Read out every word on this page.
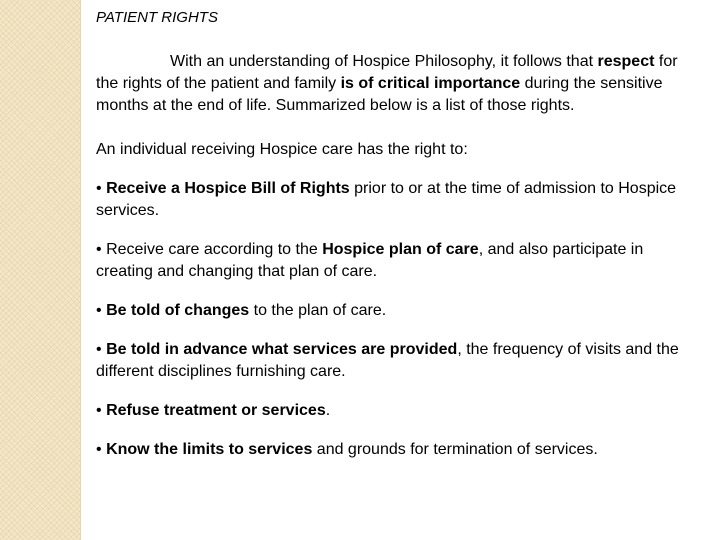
PATIENT RIGHTS

With an understanding of Hospice Philosophy, it follows that respect for the rights of the patient and family is of critical importance during the sensitive months at the end of life. Summarized below is a list of those rights.

An individual receiving Hospice care has the right to:

• Receive a Hospice Bill of Rights prior to or at the time of admission to Hospice services.

• Receive care according to the Hospice plan of care, and also participate in creating and changing that plan of care.

• Be told of changes to the plan of care.

• Be told in advance what services are provided, the frequency of visits and the different disciplines furnishing care.

• Refuse treatment or services.

• Know the limits to services and grounds for termination of services.
